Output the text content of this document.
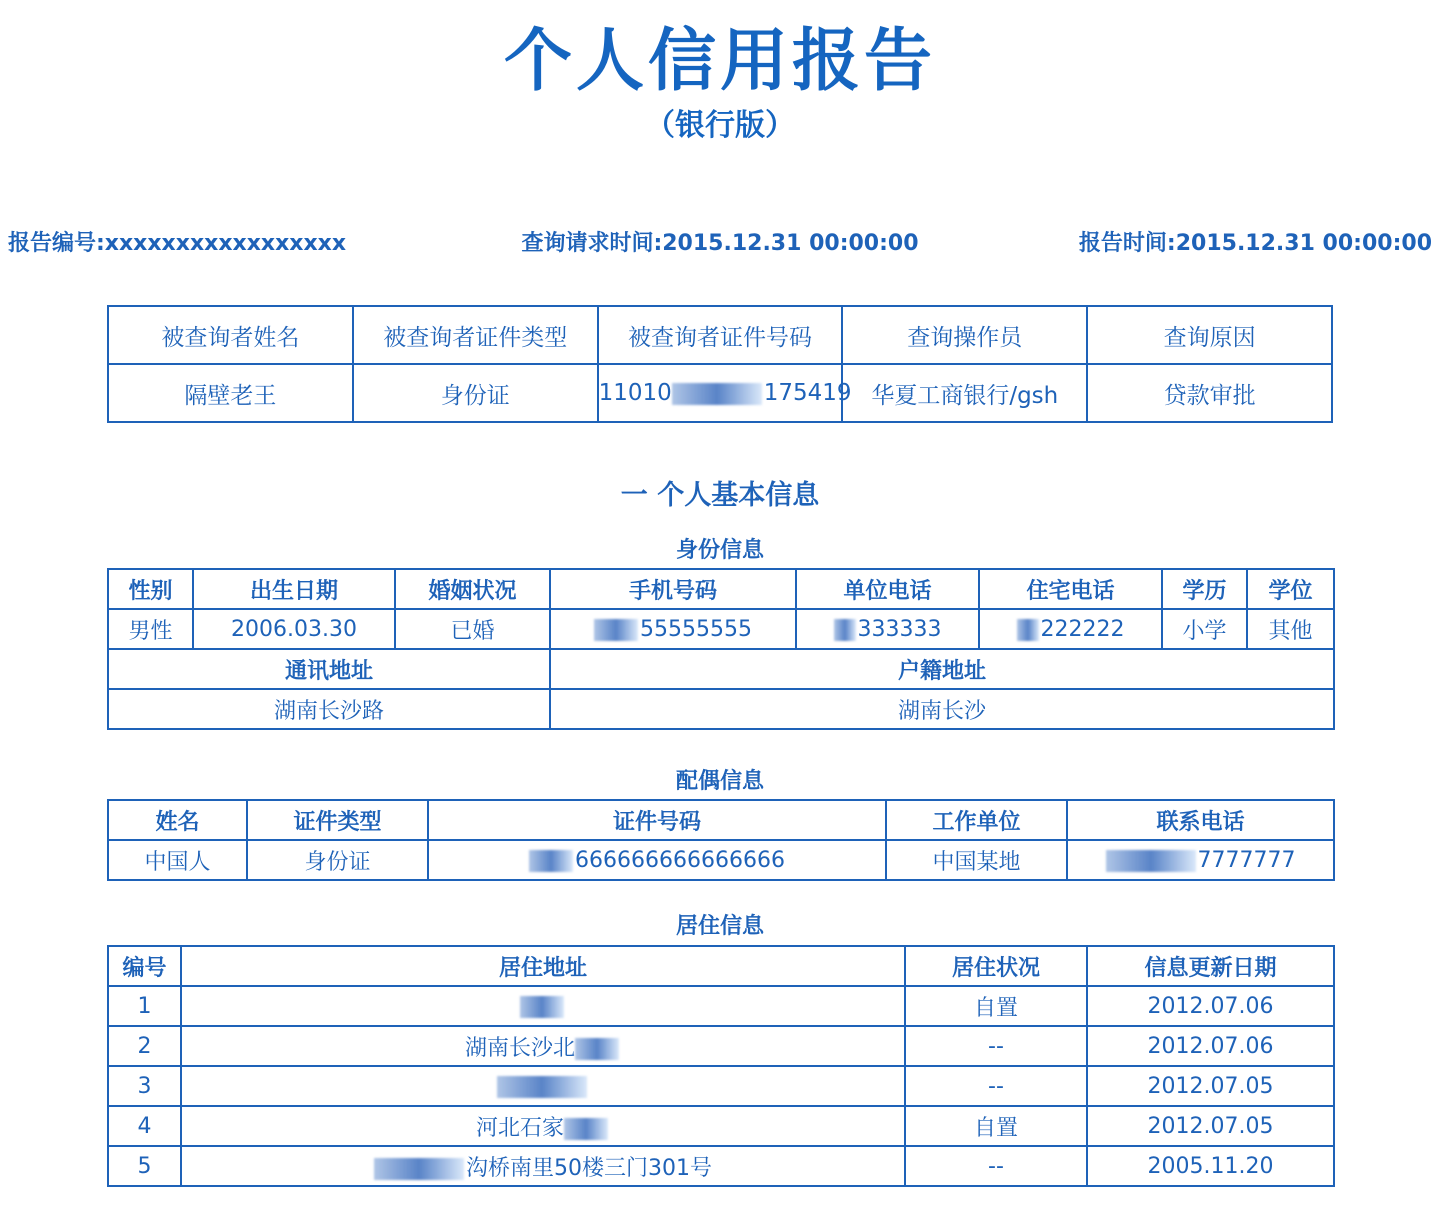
个人信用报告
（银行版）
报告编号:xxxxxxxxxxxxxxxxx	查询请求时间:2015.12.31 00:00:00	报告时间:2015.12.31 00:00:00
被查询者姓名	被查询者证件类型	被查询者证件号码	查询操作员	查询原因
隔壁老王	身份证	11010 175419	华夏工商银行/gsh	贷款审批
一 个人基本信息
身份信息
性别	出生日期	婚姻状况	手机号码	单位电话	住宅电话	学历	学位
男性	2006.03.30	已婚	55555555	333333	222222	小学	其他
通讯地址			户籍地址				
湖南长沙路			湖南长沙				
配偶信息
姓名	证件类型	证件号码	工作单位	联系电话
中国人	身份证	666666666666666	中国某地	7777777
居住信息
编号	居住地址	居住状况	信息更新日期
1		自置	2012.07.06
2	湖南长沙北	--	2012.07.06
3		--	2012.07.05
4	河北石家	自置	2012.07.05
5	沟桥南里50楼三门301号	--	2005.11.20
